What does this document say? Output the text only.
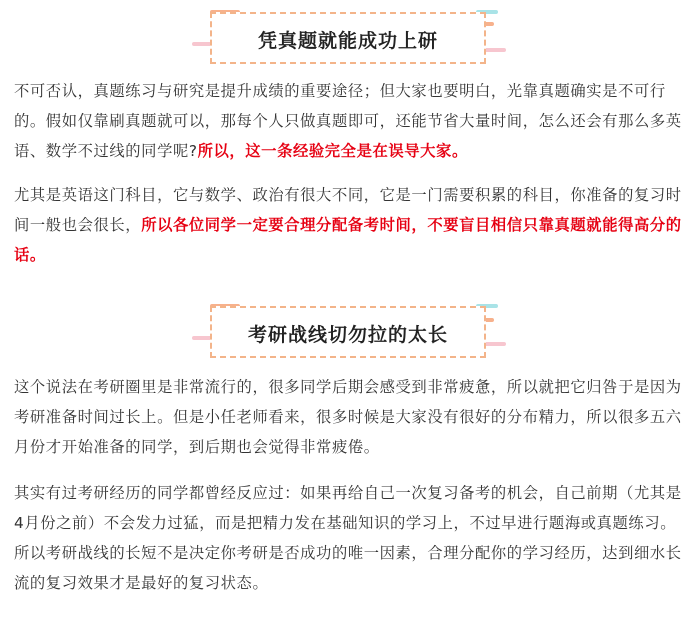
凭真题就能成功上研

不可否认，真题练习与研究是提升成绩的重要途径；但大家也要明白，光靠真题确实是不可行的。假如仅靠刷真题就可以，那每个人只做真题即可，还能节省大量时间，怎么还会有那么多英语、数学不过线的同学呢?所以，这一条经验完全是在误导大家。

尤其是英语这门科目，它与数学、政治有很大不同，它是一门需要积累的科目，你准备的复习时间一般也会很长，所以各位同学一定要合理分配备考时间，不要盲目相信只靠真题就能得高分的话。

考研战线切勿拉的太长

这个说法在考研圈里是非常流行的，很多同学后期会感受到非常疲惫，所以就把它归咎于是因为考研准备时间过长上。但是小任老师看来，很多时候是大家没有很好的分布精力，所以很多五六月份才开始准备的同学，到后期也会觉得非常疲倦。

其实有过考研经历的同学都曾经反应过：如果再给自己一次复习备考的机会，自己前期（尤其是4月份之前）不会发力过猛，而是把精力发在基础知识的学习上，不过早进行题海或真题练习。所以考研战线的长短不是决定你考研是否成功的唯一因素，合理分配你的学习经历，达到细水长流的复习效果才是最好的复习状态。
